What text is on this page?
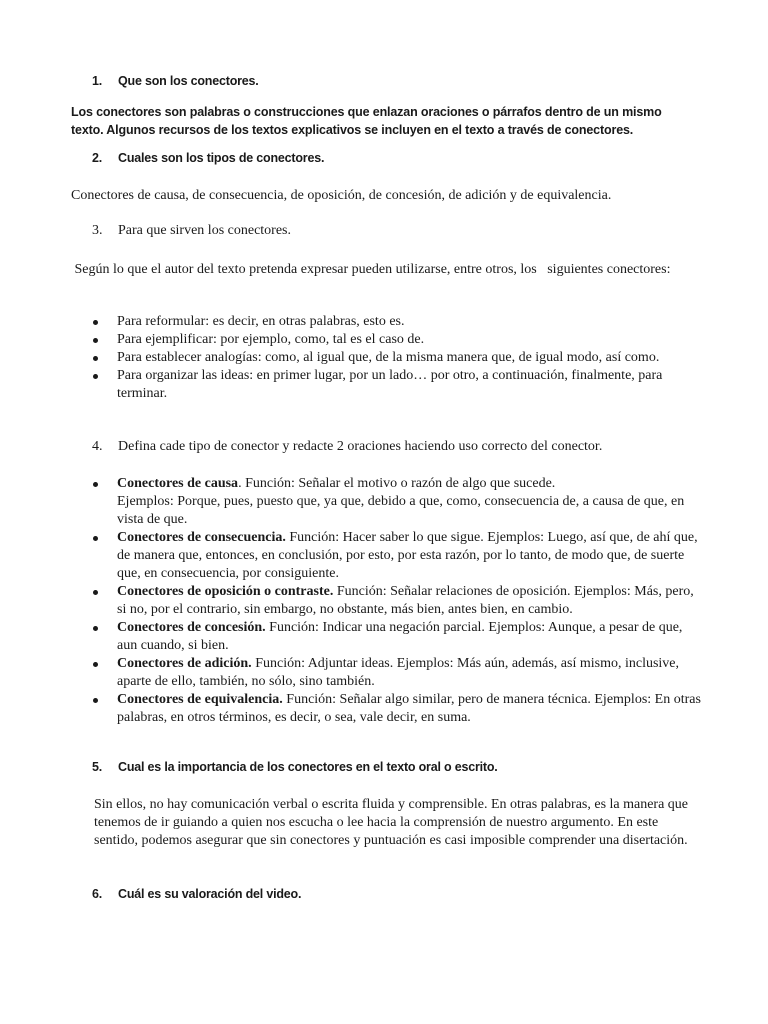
1.	Que son los conectores.
Los conectores son palabras o construcciones que enlazan oraciones o párrafos dentro de un mismo texto. Algunos recursos de los textos explicativos se incluyen en el texto a través de conectores.
2.	Cuales son los tipos de conectores.
Conectores de causa, de consecuencia, de oposición, de concesión, de adición y de equivalencia.
3.	Para que sirven los conectores.
Según lo que el autor del texto pretenda expresar pueden utilizarse, entre otros, los   siguientes conectores:
Para reformular: es decir, en otras palabras, esto es.
Para ejemplificar: por ejemplo, como, tal es el caso de.
Para establecer analogías: como, al igual que, de la misma manera que, de igual modo, así como.
Para organizar las ideas: en primer lugar, por un lado… por otro, a continuación, finalmente, para terminar.
4.	Defina cade tipo de conector y redacte 2 oraciones haciendo uso correcto del conector.
Conectores de causa. Función: Señalar el motivo o razón de algo que sucede.
Ejemplos: Porque, pues, puesto que, ya que, debido a que, como, consecuencia de, a causa de que, en vista de que.
Conectores de consecuencia. Función: Hacer saber lo que sigue. Ejemplos: Luego, así que, de ahí que, de manera que, entonces, en conclusión, por esto, por esta razón, por lo tanto, de modo que, de suerte que, en consecuencia, por consiguiente.
Conectores de oposición o contraste. Función: Señalar relaciones de oposición. Ejemplos: Más, pero, si no, por el contrario, sin embargo, no obstante, más bien, antes bien, en cambio.
Conectores de concesión. Función: Indicar una negación parcial. Ejemplos: Aunque, a pesar de que, aun cuando, si bien.
Conectores de adición. Función: Adjuntar ideas. Ejemplos: Más aún, además, así mismo, inclusive, aparte de ello, también, no sólo, sino también.
Conectores de equivalencia. Función: Señalar algo similar, pero de manera técnica. Ejemplos: En otras palabras, en otros términos, es decir, o sea, vale decir, en suma.
5.	Cual es la importancia de los conectores en el texto oral o escrito.
Sin ellos, no hay comunicación verbal o escrita fluida y comprensible. En otras palabras, es la manera que tenemos de ir guiando a quien nos escucha o lee hacia la comprensión de nuestro argumento. En este sentido, podemos asegurar que sin conectores y puntuación es casi imposible comprender una disertación.
6.	Cuál es su valoración del video.
